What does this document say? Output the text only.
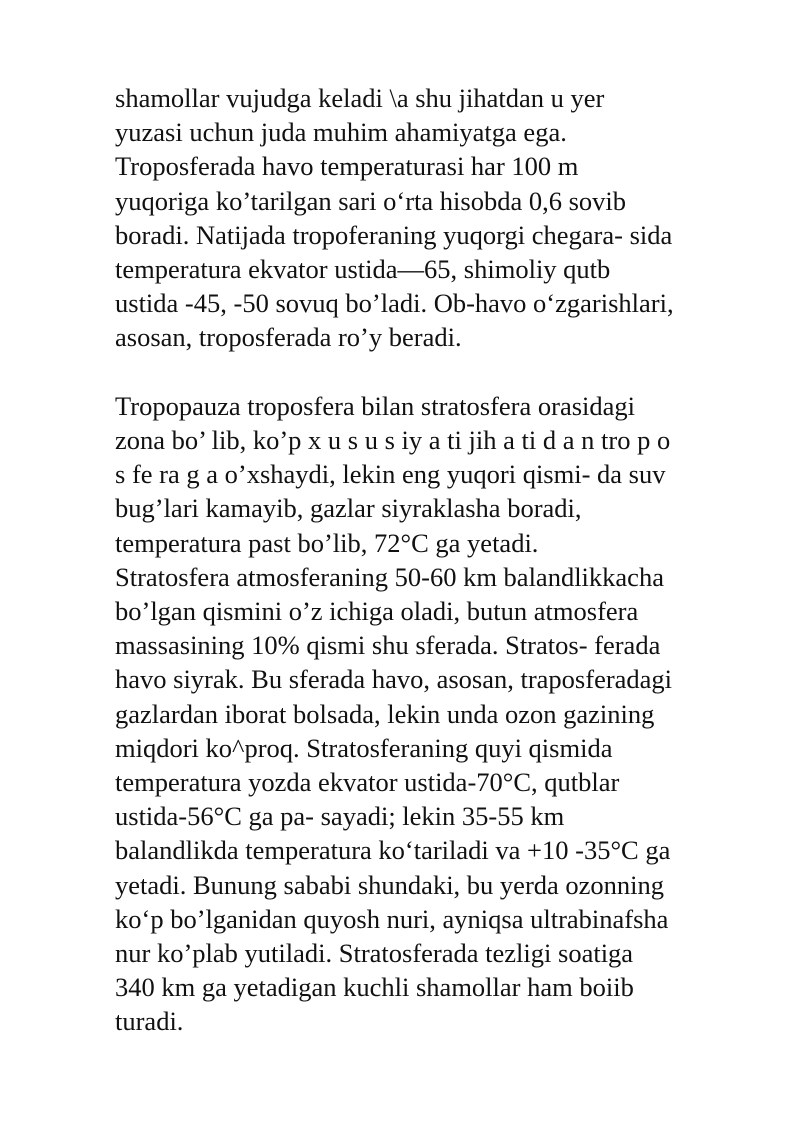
shamollar vujudga keladi \a shu jihatdan u yer
yuzasi uchun juda muhim ahamiyatga ega.
Troposferada havo temperaturasi har 100 m
yuqoriga ko’tarilgan sari o‘rta hisobda 0,6 sovib
boradi. Natijada tropoferaning yuqorgi chegara- sida
temperatura ekvator ustida—65, shimoliy qutb
ustida -45, -50 sovuq bo’ladi. Ob-havo o‘zgarishlari,
asosan, troposferada ro’y beradi.
Tropopauza troposfera bilan stratosfera orasidagi
zona bo’ lib, ko’p x u s u s iy a ti jih a ti d a n tro p o
s fe ra g a o’xshaydi, lekin eng yuqori qismi- da suv
bug’lari kamayib, gazlar siyraklasha boradi,
temperatura past bo’lib, 72°C ga yetadi.
Stratosfera atmosferaning 50-60 km balandlikkacha
bo’lgan qismini o’z ichiga oladi, butun atmosfera
massasining 10% qismi shu sferada. Stratos- ferada
havo siyrak. Bu sferada havo, asosan, traposferadagi
gazlardan iborat bolsada, lekin unda ozon gazining
miqdori ko^proq. Stratosferaning quyi qismida
temperatura yozda ekvator ustida-70°C, qutblar
ustida-56°C ga pa- sayadi; lekin 35-55 km
balandlikda temperatura ko‘tariladi va +10 -35°C ga
yetadi. Bunung sababi shundaki, bu yerda ozonning
ko‘p bo’lganidan quyosh nuri, ayniqsa ultrabinafsha
nur ko’plab yutiladi. Stratosferada tezligi soatiga
340 km ga yetadigan kuchli shamollar ham boiib
turadi.
